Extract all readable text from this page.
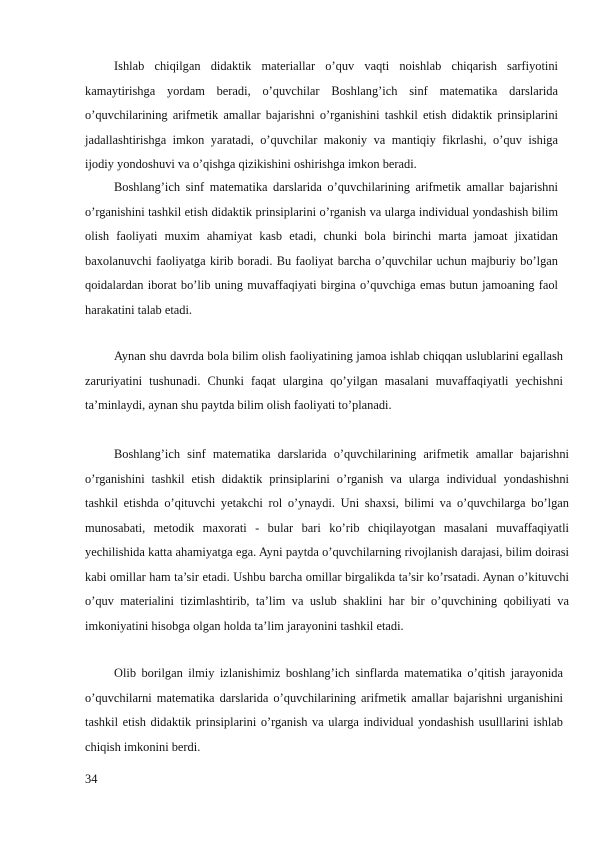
Ishlab chiqilgan didaktik materiallar o’quv vaqti noishlab chiqarish sarfiyotini kamaytirishga yordam beradi, o’quvchilar Boshlang’ich sinf matematika darslarida o’quvchilarining arifmetik amallar bajarishni o’rganishini tashkil etish didaktik prinsiplarini jadallashtirishga imkon yaratadi, o’quvchilar makoniy va mantiqiy fikrlashi, o’quv ishiga ijodiy yondoshuvi va o’qishga qizikishini oshirishga imkon beradi.

Boshlang’ich sinf matematika darslarida o’quvchilarining arifmetik amallar bajarishni o’rganishini tashkil etish didaktik prinsiplarini o’rganish va ularga individual yondashish bilim olish faoliyati muxim ahamiyat kasb etadi, chunki bola birinchi marta jamoat jixatidan baxolanuvchi faoliyatga kirib boradi. Bu faoliyat barcha o’quvchilar uchun majburiy bo’lgan qoidalardan iborat bo’lib uning muvaffaqiyati birgina o’quvchiga emas butun jamoaning faol harakatini talab etadi.

Aynan shu davrda bola bilim olish faoliyatining jamoa ishlab chiqqan uslublarini egallash zaruriyatini tushunadi. Chunki faqat ulargina qo’yilgan masalani muvaffaqiyatli yechishni ta’minlaydi, aynan shu paytda bilim olish faoliyati to’planadi.

Boshlang’ich sinf matematika darslarida o’quvchilarining arifmetik amallar bajarishni o’rganishini tashkil etish didaktik prinsiplarini o’rganish va ularga individual yondashishni tashkil etishda o’qituvchi yetakchi rol o’ynaydi. Uni shaxsi, bilimi va o’quvchilarga bo’lgan munosabati, metodik maxorati - bular bari ko’rib chiqilayotgan masalani muvaffaqiyatli yechilishida katta ahamiyatga ega. Ayni paytda o’quvchilarning rivojlanish darajasi, bilim doirasi kabi omillar ham ta’sir etadi. Ushbu barcha omillar birgalikda ta’sir ko’rsatadi. Aynan o’kituvchi o’quv materialini tizimlashtirib, ta’lim va uslub shaklini har bir o’quvchining qobiliyati va imkoniyatini hisobga olgan holda ta’lim jarayonini tashkil etadi.

Olib borilgan ilmiy izlanishimiz boshlang’ich sinflarda matematika o’qitish jarayonida o’quvchilarni matematika darslarida o’quvchilarining arifmetik amallar bajarishni urganishini tashkil etish didaktik prinsiplarini o’rganish va ularga individual yondashish usulllarini ishlab chiqish imkonini berdi.

34
